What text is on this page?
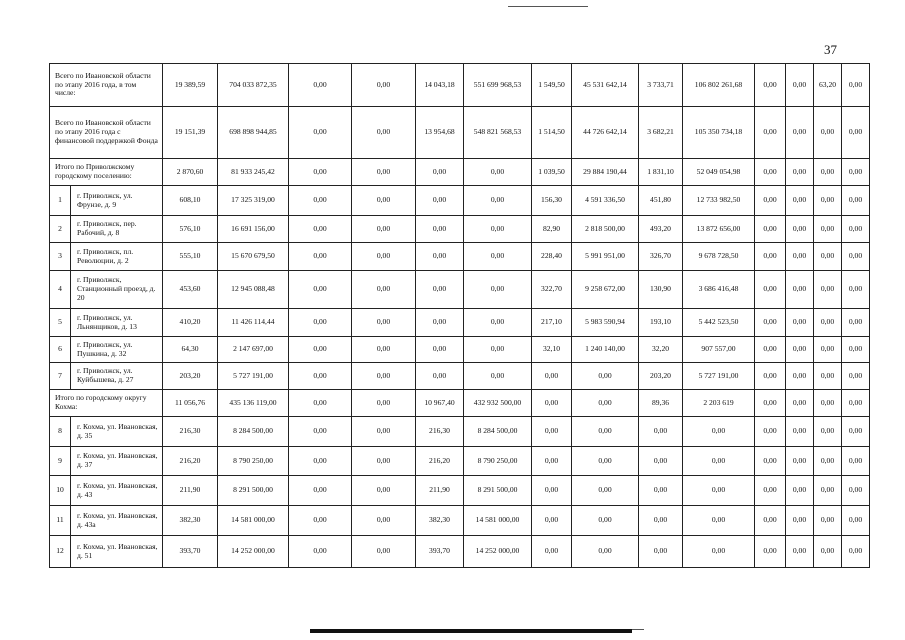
37
Всего по Ивановской области по этапу 2016 года, в том числе:		19 389,59	704 033 872,35	0,00	0,00	14 043,18	551 699 968,53	1 549,50	45 531 642,14	3 733,71	106 802 261,68	0,00	0,00	63,20	0,00
Всего по Ивановской области по этапу 2016 года с финансовой поддержкой Фонда		19 151,39	698 898 944,85	0,00	0,00	13 954,68	548 821 568,53	1 514,50	44 726 642,14	3 682,21	105 350 734,18	0,00	0,00	0,00	0,00
Итого по Приволжскому городскому поселению:		2 870,60	81 933 245,42	0,00	0,00	0,00	0,00	1 039,50	29 884 190,44	1 831,10	52 049 054,98	0,00	0,00	0,00	0,00
1	г. Приволжск, ул. Фрунзе, д. 9	608,10	17 325 319,00	0,00	0,00	0,00	0,00	156,30	4 591 336,50	451,80	12 733 982,50	0,00	0,00	0,00	0,00
2	г. Приволжск, пер. Рабочий, д. 8	576,10	16 691 156,00	0,00	0,00	0,00	0,00	82,90	2 818 500,00	493,20	13 872 656,00	0,00	0,00	0,00	0,00
3	г. Приволжск, пл. Революции, д. 2	555,10	15 670 679,50	0,00	0,00	0,00	0,00	228,40	5 991 951,00	326,70	9 678 728,50	0,00	0,00	0,00	0,00
4	г. Приволжск, Станционный проезд, д. 20	453,60	12 945 088,48	0,00	0,00	0,00	0,00	322,70	9 258 672,00	130,90	3 686 416,48	0,00	0,00	0,00	0,00
5	г. Приволжск, ул. Льнянщиков, д. 13	410,20	11 426 114,44	0,00	0,00	0,00	0,00	217,10	5 983 590,94	193,10	5 442 523,50	0,00	0,00	0,00	0,00
6	г. Приволжск, ул. Пушкина, д. 32	64,30	2 147 697,00	0,00	0,00	0,00	0,00	32,10	1 240 140,00	32,20	907 557,00	0,00	0,00	0,00	0,00
7	г. Приволжск, ул. Куйбышева, д. 27	203,20	5 727 191,00	0,00	0,00	0,00	0,00	0,00	0,00	203,20	5 727 191,00	0,00	0,00	0,00	0,00
Итого по городскому округу Кохма:		11 056,76	435 136 119,00	0,00	0,00	10 967,40	432 932 500,00	0,00	0,00	89,36	2 203 619	0,00	0,00	0,00	0,00
8	г. Кохма, ул. Ивановская, д. 35	216,30	8 284 500,00	0,00	0,00	216,30	8 284 500,00	0,00	0,00	0,00	0,00	0,00	0,00	0,00	0,00
9	г. Кохма, ул. Ивановская, д. 37	216,20	8 790 250,00	0,00	0,00	216,20	8 790 250,00	0,00	0,00	0,00	0,00	0,00	0,00	0,00	0,00
10	г. Кохма, ул. Ивановская, д. 43	211,90	8 291 500,00	0,00	0,00	211,90	8 291 500,00	0,00	0,00	0,00	0,00	0,00	0,00	0,00	0,00
11	г. Кохма, ул. Ивановская, д. 43а	382,30	14 581 000,00	0,00	0,00	382,30	14 581 000,00	0,00	0,00	0,00	0,00	0,00	0,00	0,00	0,00
12	г. Кохма, ул. Ивановская, д. 51	393,70	14 252 000,00	0,00	0,00	393,70	14 252 000,00	0,00	0,00	0,00	0,00	0,00	0,00	0,00	0,00
